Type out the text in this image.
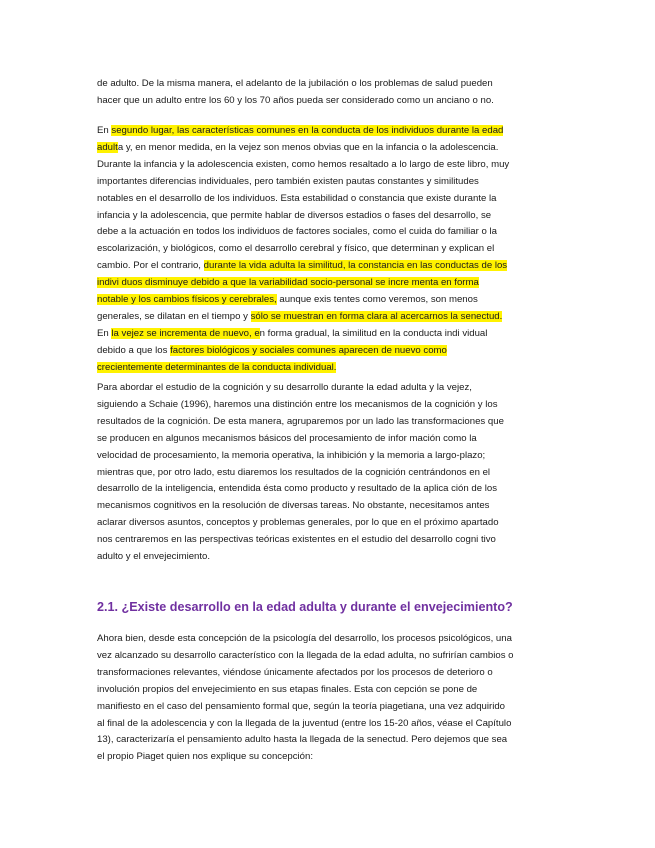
de adulto. De la misma manera, el adelanto de la jubilación o los problemas de salud pueden
hacer que un adulto entre los 60 y los 70 años pueda ser considerado como un anciano o no.

En segundo lugar, las características comunes en la conducta de los individuos durante la edad
adulta y, en menor medida, en la vejez son menos obvias que en la infancia o la adolescencia.
Durante la infancia y la adolescencia existen, como hemos resaltado a lo largo de este libro, muy
importantes diferencias individuales, pero también existen pautas constantes y similitudes
notables en el desarrollo de los individuos. Esta estabilidad o constancia que existe durante la
infancia y la adolescencia, que permite hablar de diversos estadios o fases del desarrollo, se
debe a la actuación en todos los individuos de factores sociales, como el cuida do familiar o la
escolarización, y biológicos, como el desarrollo cerebral y físico, que determinan y explican el
cambio. Por el contrario, durante la vida adulta la similitud, la constancia en las conductas de los
indivi duos disminuye debido a que la variabilidad socio-personal se incre menta en forma
notable y los cambios físicos y cerebrales, aunque exis tentes como veremos, son menos
generales, se dilatan en el tiempo y sólo se muestran en forma clara al acercarnos la senectud.
En la vejez se incrementa de nuevo, en forma gradual, la similitud en la conducta indi vidual
debido a que los factores biológicos y sociales comunes aparecen de nuevo como
crecientemente determinantes de la conducta individual.

Para abordar el estudio de la cognición y su desarrollo durante la edad adulta y la vejez,
siguiendo a Schaie (1996), haremos una distinción entre los mecanismos de la cognición y los
resultados de la cognición. De esta manera, agruparemos por un lado las transformaciones que
se producen en algunos mecanismos básicos del procesamiento de infor mación como la
velocidad de procesamiento, la memoria operativa, la inhibición y la memoria a largo-plazo;
mientras que, por otro lado, estu diaremos los resultados de la cognición centrándonos en el
desarrollo de la inteligencia, entendida ésta como producto y resultado de la aplica ción de los
mecanismos cognitivos en la resolución de diversas tareas. No obstante, necesitamos antes
aclarar diversos asuntos, conceptos y problemas generales, por lo que en el próximo apartado
nos centraremos en las perspectivas teóricas existentes en el estudio del desarrollo cogni tivo
adulto y el envejecimiento.

2.1. ¿Existe desarrollo en la edad adulta y durante el envejecimiento?

Ahora bien, desde esta concepción de la psicología del desarrollo, los procesos psicológicos, una
vez alcanzado su desarrollo característico con la llegada de la edad adulta, no sufrirían cambios o
transformaciones relevantes, viéndose únicamente afectados por los procesos de deterioro o
involución propios del envejecimiento en sus etapas finales. Esta con cepción se pone de
manifiesto en el caso del pensamiento formal que, según la teoría piagetiana, una vez adquirido
al final de la adolescencia y con la llegada de la juventud (entre los 15-20 años, véase el Capítulo
13), caracterizaría el pensamiento adulto hasta la llegada de la senectud. Pero dejemos que sea
el propio Piaget quien nos explique su concepción:
